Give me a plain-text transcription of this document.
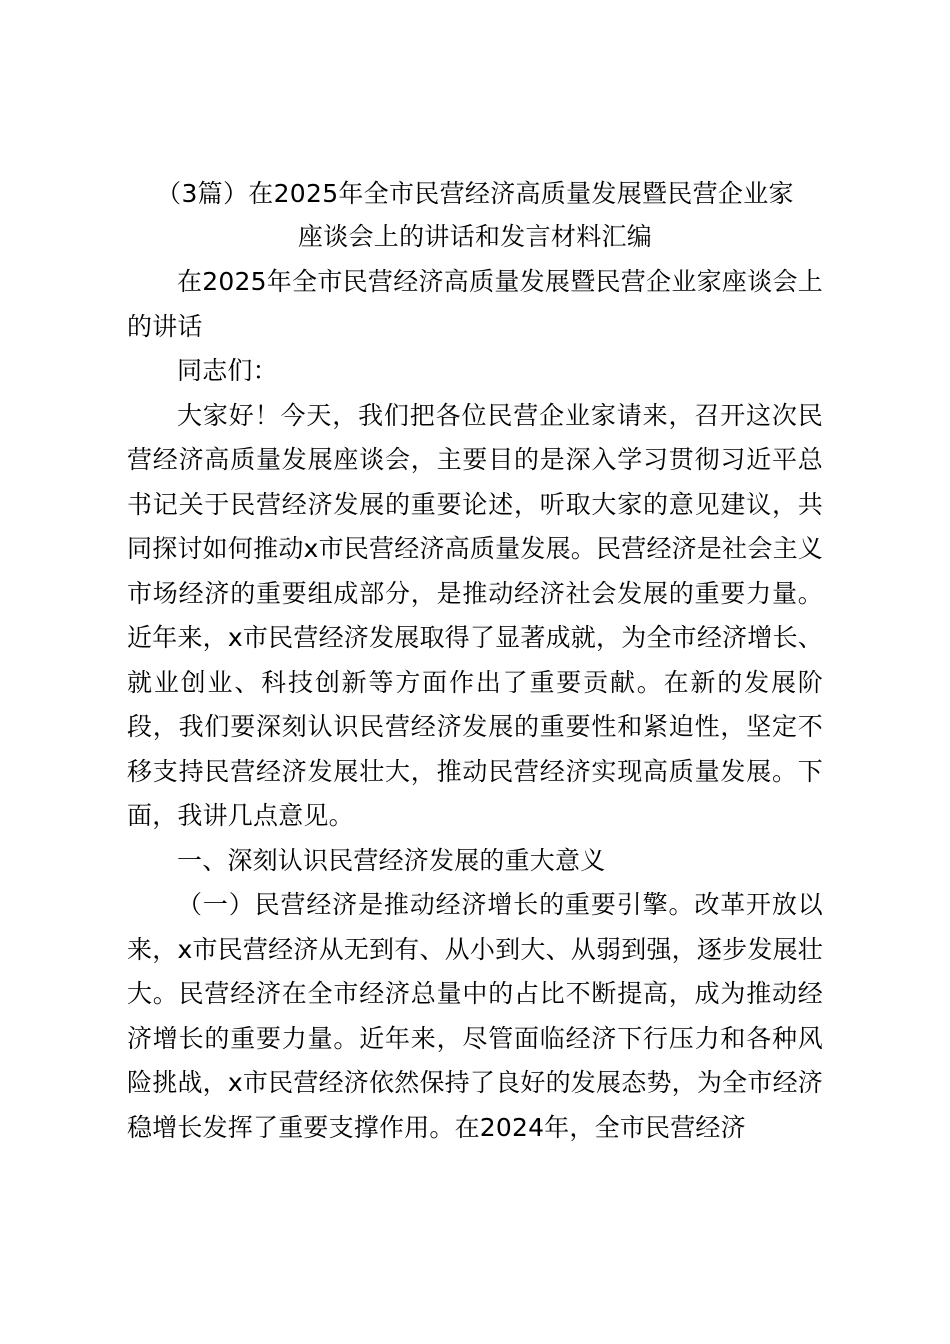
（3篇）在2025年全市民营经济高质量发展暨民营企业家
座谈会上的讲话和发言材料汇编

在2025年全市民营经济高质量发展暨民营企业家座谈会上的讲话

同志们：

大家好！今天，我们把各位民营企业家请来，召开这次民营经济高质量发展座谈会，主要目的是深入学习贯彻习近平总书记关于民营经济发展的重要论述，听取大家的意见建议，共同探讨如何推动x市民营经济高质量发展。民营经济是社会主义市场经济的重要组成部分，是推动经济社会发展的重要力量。近年来，x市民营经济发展取得了显著成就，为全市经济增长、就业创业、科技创新等方面作出了重要贡献。在新的发展阶段，我们要深刻认识民营经济发展的重要性和紧迫性，坚定不移支持民营经济发展壮大，推动民营经济实现高质量发展。下面，我讲几点意见。

一、深刻认识民营经济发展的重大意义

（一）民营经济是推动经济增长的重要引擎。改革开放以来，x市民营经济从无到有、从小到大、从弱到强，逐步发展壮大。民营经济在全市经济总量中的占比不断提高，成为推动经济增长的重要力量。近年来，尽管面临经济下行压力和各种风险挑战，x市民营经济依然保持了良好的发展态势，为全市经济稳增长发挥了重要支撑作用。在2024年，全市民营经济
